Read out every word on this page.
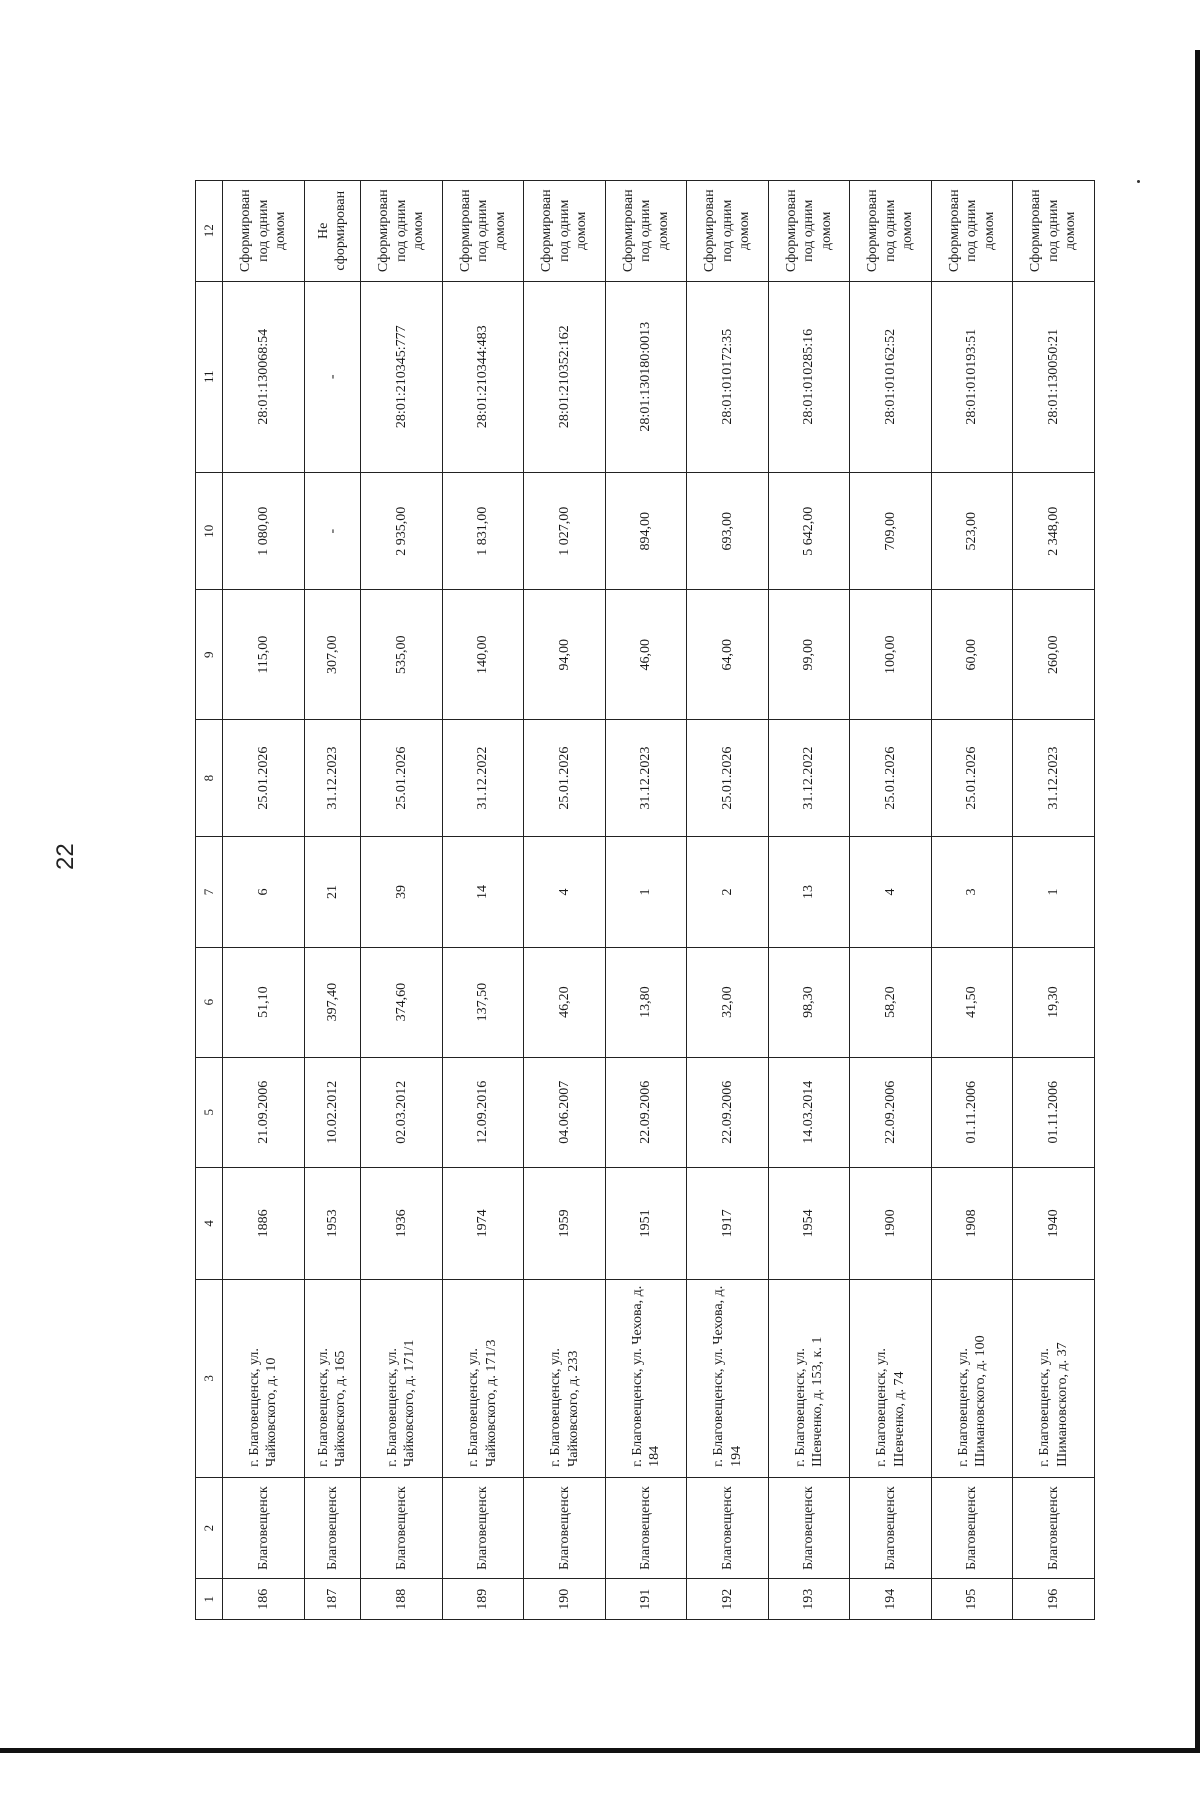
22
1	2	3	4	5	6	7	8	9	10	11	12
186	Благовещенск	г. Благовещенск, ул. Чайковского, д. 10	1886	21.09.2006	51,10	6	25.01.2026	115,00	1 080,00	28:01:130068:54	Сформирован под одним домом
187	Благовещенск	г. Благовещенск, ул. Чайковского, д. 165	1953	10.02.2012	397,40	21	31.12.2023	307,00	-	-	Не сформирован
188	Благовещенск	г. Благовещенск, ул. Чайковского, д. 171/1	1936	02.03.2012	374,60	39	25.01.2026	535,00	2 935,00	28:01:210345:777	Сформирован под одним домом
189	Благовещенск	г. Благовещенск, ул. Чайковского, д. 171/3	1974	12.09.2016	137,50	14	31.12.2022	140,00	1 831,00	28:01:210344:483	Сформирован под одним домом
190	Благовещенск	г. Благовещенск, ул. Чайковского, д. 233	1959	04.06.2007	46,20	4	25.01.2026	94,00	1 027,00	28:01:210352:162	Сформирован под одним домом
191	Благовещенск	г. Благовещенск, ул. Чехова, д. 184	1951	22.09.2006	13,80	1	31.12.2023	46,00	894,00	28:01:130180:0013	Сформирован под одним домом
192	Благовещенск	г. Благовещенск, ул. Чехова, д. 194	1917	22.09.2006	32,00	2	25.01.2026	64,00	693,00	28:01:010172:35	Сформирован под одним домом
193	Благовещенск	г. Благовещенск, ул. Шевченко, д. 153, к. 1	1954	14.03.2014	98,30	13	31.12.2022	99,00	5 642,00	28:01:010285:16	Сформирован под одним домом
194	Благовещенск	г. Благовещенск, ул. Шевченко, д. 74	1900	22.09.2006	58,20	4	25.01.2026	100,00	709,00	28:01:010162:52	Сформирован под одним домом
195	Благовещенск	г. Благовещенск, ул. Шимановского, д. 100	1908	01.11.2006	41,50	3	25.01.2026	60,00	523,00	28:01:010193:51	Сформирован под одним домом
196	Благовещенск	г. Благовещенск, ул. Шимановского, д. 37	1940	01.11.2006	19,30	1	31.12.2023	260,00	2 348,00	28:01:130050:21	Сформирован под одним домом
